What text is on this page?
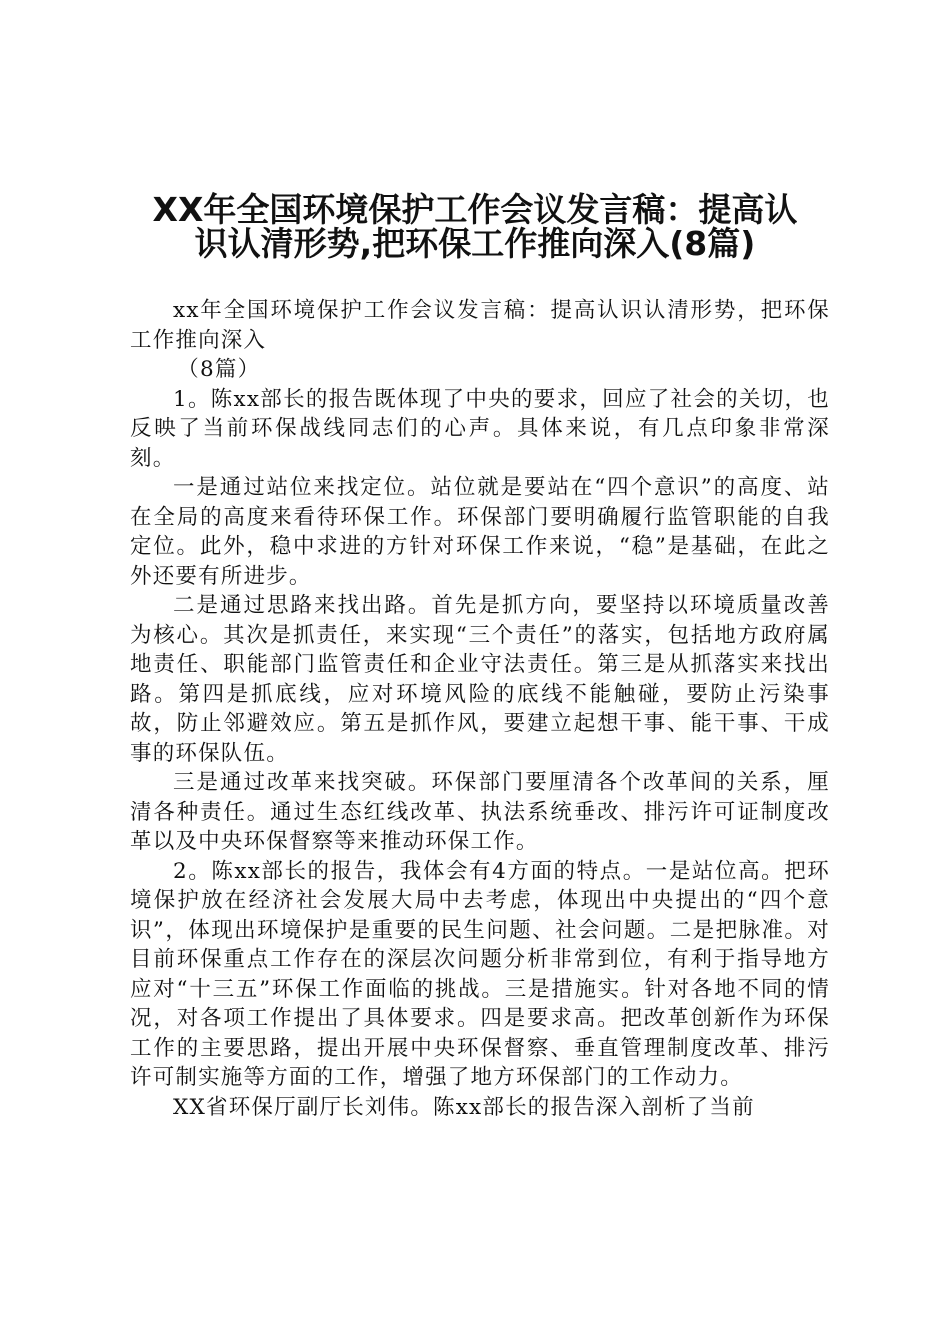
XX年全国环境保护工作会议发言稿：提高认
识认清形势,把环保工作推向深入(8篇)

xx年全国环境保护工作会议发言稿：提高认识认清形势，把环保工作推向深入

（8篇）

1。陈xx部长的报告既体现了中央的要求，回应了社会的关切，也反映了当前环保战线同志们的心声。具体来说，有几点印象非常深刻。

一是通过站位来找定位。站位就是要站在“四个意识”的高度、站在全局的高度来看待环保工作。环保部门要明确履行监管职能的自我定位。此外，稳中求进的方针对环保工作来说，“稳”是基础，在此之外还要有所进步。

二是通过思路来找出路。首先是抓方向，要坚持以环境质量改善为核心。其次是抓责任，来实现“三个责任”的落实，包括地方政府属地责任、职能部门监管责任和企业守法责任。第三是从抓落实来找出路。第四是抓底线，应对环境风险的底线不能触碰，要防止污染事故，防止邻避效应。第五是抓作风，要建立起想干事、能干事、干成事的环保队伍。

三是通过改革来找突破。环保部门要厘清各个改革间的关系，厘清各种责任。通过生态红线改革、执法系统垂改、排污许可证制度改革以及中央环保督察等来推动环保工作。

2。陈xx部长的报告，我体会有4方面的特点。一是站位高。把环境保护放在经济社会发展大局中去考虑，体现出中央提出的“四个意识”，体现出环境保护是重要的民生问题、社会问题。二是把脉准。对目前环保重点工作存在的深层次问题分析非常到位，有利于指导地方应对“十三五”环保工作面临的挑战。三是措施实。针对各地不同的情况，对各项工作提出了具体要求。四是要求高。把改革创新作为环保工作的主要思路，提出开展中央环保督察、垂直管理制度改革、排污许可制实施等方面的工作，增强了地方环保部门的工作动力。

XX省环保厅副厅长刘伟。陈xx部长的报告深入剖析了当前
